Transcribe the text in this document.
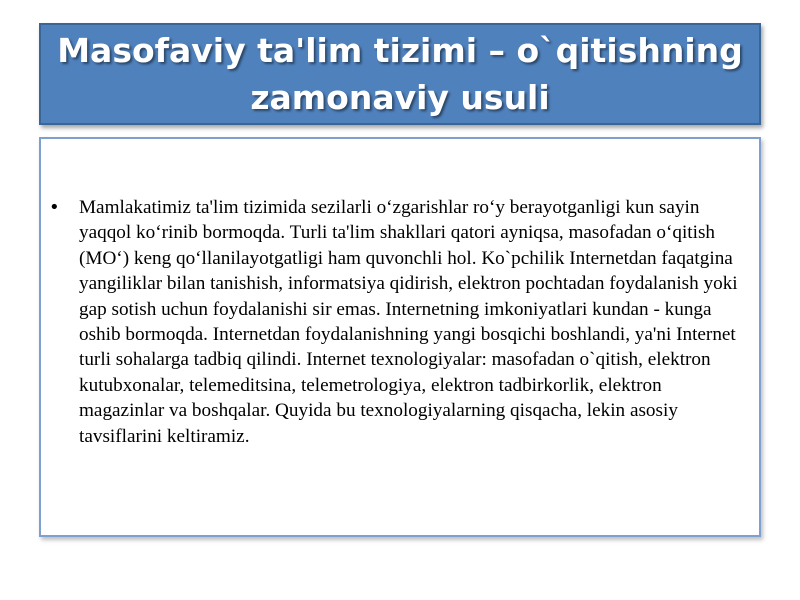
Masofaviy ta'lim tizimi – o`qitishning zamonaviy usuli
•	Mamlakatimiz ta'lim tizimida sezilarli o‘zgarishlar ro‘y berayotganligi kun sayin yaqqol ko‘rinib bormoqda. Turli ta'lim shakllari qatori ayniqsa, masofadan o‘qitish (MO‘) keng qo‘llanilayotgatligi ham quvonchli hol. Ko`pchilik Internetdan faqatgina yangiliklar bilan tanishish, informatsiya qidirish, elektron pochtadan foydalanish yoki gap sotish uchun foydalanishi sir emas. Internetning imkoniyatlari kundan - kunga oshib bormoqda. Internetdan foydalanishning yangi bosqichi boshlandi, ya'ni Internet turli sohalarga tadbiq qilindi. Internet texnologiyalar: masofadan o`qitish, elektron kutubxonalar, telemeditsina, telemetrologiya, elektron tadbirkorlik, elektron magazinlar va boshqalar. Quyida bu texnologiyalarning qisqacha, lekin asosiy tavsiflarini keltiramiz.
